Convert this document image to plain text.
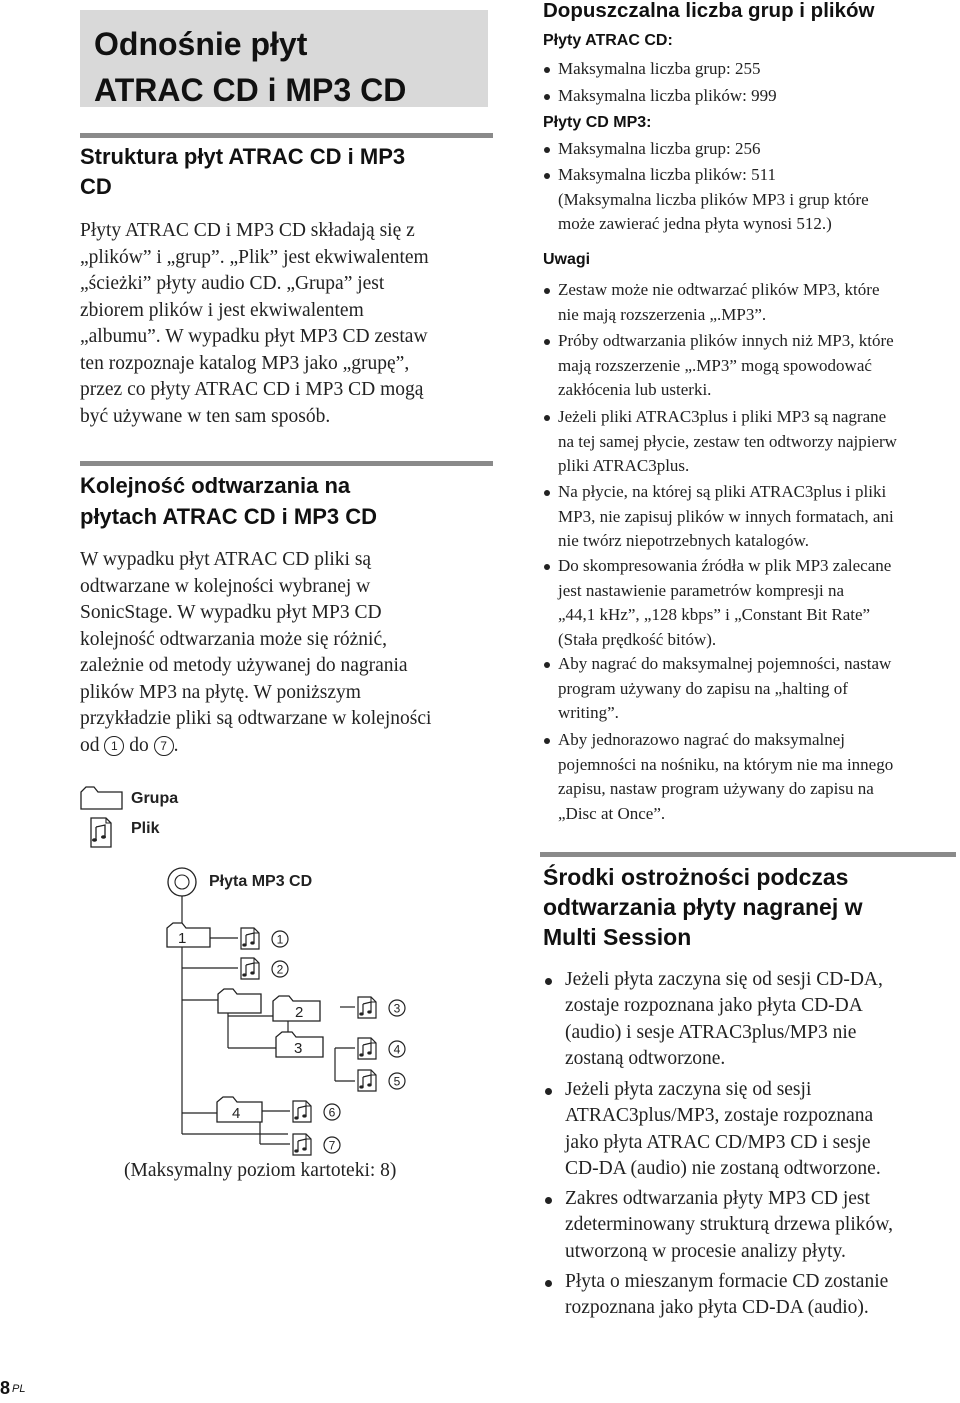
Odnośnie płyt
ATRAC CD i MP3 CD
Struktura płyt ATRAC CD i MP3
CD
Płyty ATRAC CD i MP3 CD składają się z
„plików” i „grup”. „Plik” jest ekwiwalentem
„ścieżki” płyty audio CD. „Grupa” jest
zbiorem plików i jest ekwiwalentem
„albumu”. W wypadku płyt MP3 CD zestaw
ten rozpoznaje katalog MP3 jako „grupę”,
przez co płyty ATRAC CD i MP3 CD mogą
być używane w ten sam sposób.
Kolejność odtwarzania na
płytach ATRAC CD i MP3 CD
W wypadku płyt ATRAC CD pliki są
odtwarzane w kolejności wybranej w
SonicStage. W wypadku płyt MP3 CD
kolejność odtwarzania może się różnić,
zależnie od metody używanej do nagrania
plików MP3 na płytę. W poniższym
przykładzie pliki są odtwarzane w kolejności
od 1 do 7 .
Grupa
Plik
Płyta MP3 CD
1
2
3
4
1
2
3
4
5
6
7
(Maksymalny poziom kartoteki: 8)
Dopuszczalna liczba grup i plików
Płyty ATRAC CD:
Maksymalna liczba grup: 255
Maksymalna liczba plików: 999
Płyty CD MP3:
Maksymalna liczba grup: 256
Maksymalna liczba plików: 511
(Maksymalna liczba plików MP3 i grup które
może zawierać jedna płyta wynosi 512.)
Uwagi
Zestaw może nie odtwarzać plików MP3, które
nie mają rozszerzenia „.MP3”.
Próby odtwarzania plików innych niż MP3, które
mają rozszerzenie „.MP3” mogą spowodować
zakłócenia lub usterki.
Jeżeli pliki ATRAC3plus i pliki MP3 są nagrane
na tej samej płycie, zestaw ten odtworzy najpierw
pliki ATRAC3plus.
Na płycie, na której są pliki ATRAC3plus i pliki
MP3, nie zapisuj plików w innych formatach, ani
nie twórz niepotrzebnych katalogów.
Do skompresowania źródła w plik MP3 zalecane
jest nastawienie parametrów kompresji na
„44,1 kHz”, „128 kbps” i „Constant Bit Rate”
(Stała prędkość bitów).
Aby nagrać do maksymalnej pojemności, nastaw
program używany do zapisu na „halting of
writing”.
Aby jednorazowo nagrać do maksymalnej
pojemności na nośniku, na którym nie ma innego
zapisu, nastaw program używany do zapisu na
„Disc at Once”.
Środki ostrożności podczas
odtwarzania płyty nagranej w
Multi Session
Jeżeli płyta zaczyna się od sesji CD-DA,
zostaje rozpoznana jako płyta CD-DA
(audio) i sesje ATRAC3plus/MP3 nie
zostaną odtworzone.
Jeżeli płyta zaczyna się od sesji
ATRAC3plus/MP3, zostaje rozpoznana
jako płyta ATRAC CD/MP3 CD i sesje
CD-DA (audio) nie zostaną odtworzone.
Zakres odtwarzania płyty MP3 CD jest
zdeterminowany strukturą drzewa plików,
utworzoną w procesie analizy płyty.
Płyta o mieszanym formacie CD zostanie
rozpoznana jako płyta CD-DA (audio).
8 PL
